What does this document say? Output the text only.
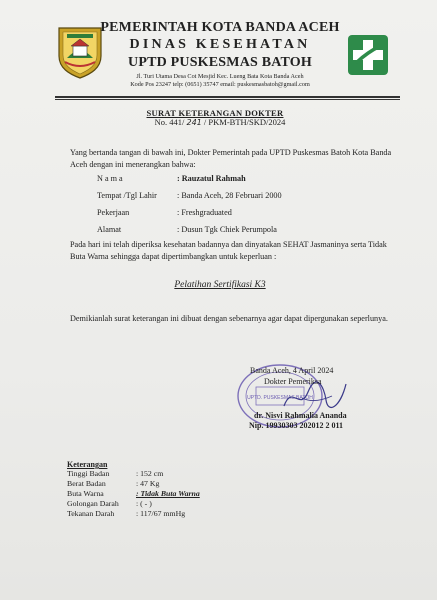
PEMERINTAH KOTA BANDA ACEH
DINAS KESEHATAN
UPTD PUSKESMAS BATOH
Jl. Turi Utama Desa Cot Mesjid Kec. Lueng Bata Kota Banda Aceh
Kode Pos 23247 telp: (0651) 35747 email: puskesmasbatoh@gmail.com
SURAT KETERANGAN DOKTER
No. 441/ 241 / PKM-BTH/SKD/2024
Yang bertanda tangan di bawah ini, Dokter Pemerintah pada UPTD Puskesmas Batoh Kota Banda Aceh dengan ini menerangkan bahwa:
N a m a	: Rauzatul Rahmah
Tempat /Tgl Lahir : Banda Aceh, 28 Februari 2000
Pekerjaan	: Freshgraduated
Alamat	: Dusun Tgk Chiek Perumpola
Pada hari ini telah diperiksa kesehatan badannya dan dinyatakan SEHAT Jasmaninya serta Tidak Buta Warna sehingga dapat dipertimbangkan untuk keperluan :
Pelatihan Sertifikasi K3
Demikianlah surat keterangan ini dibuat dengan sebenarnya agar dapat dipergunakan seperlunya.
UPTD. PUSKESMAS BATOH
Banda Aceh, 4 April 2024
Dokter Pemeriksa
dr. Nisvi Rahmalia Ananda
Nip. 19930303 202012 2 011
Keterangan
Tinggi Badan	: 152 cm
Berat Badan	: 47 Kg
Buta Warna	: Tidak Buta Warna
Golongan Darah : ( - )
Tekanan Darah	: 117/67 mmHg
